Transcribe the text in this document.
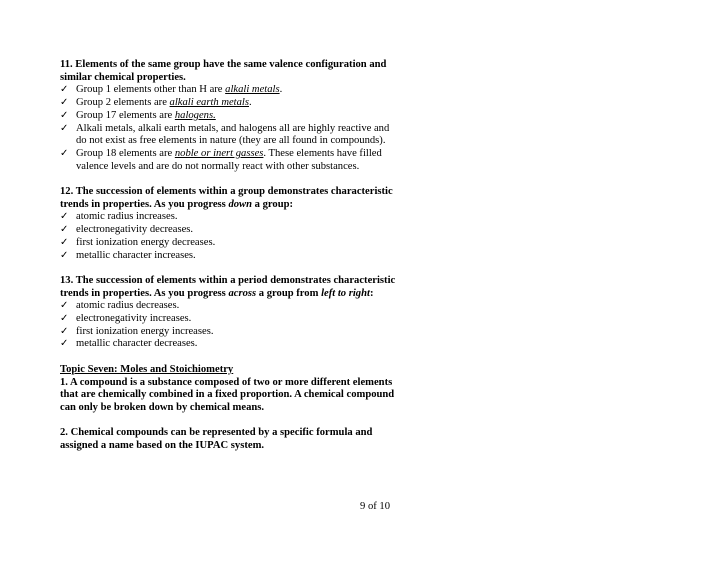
11. Elements of the same group have the same valence configuration and similar chemical properties.
✓ Group 1 elements other than H are alkali metals.
✓ Group 2 elements are alkali earth metals.
✓ Group 17 elements are halogens.
✓ Alkali metals, alkali earth metals, and halogens all are highly reactive and do not exist as free elements in nature (they are all found in compounds).
✓ Group 18 elements are noble or inert gasses. These elements have filled valence levels and are do not normally react with other substances.
12. The succession of elements within a group demonstrates characteristic trends in properties. As you progress down a group:
✓ atomic radius increases.
✓ electronegativity decreases.
✓ first ionization energy decreases.
✓ metallic character increases.
13. The succession of elements within a period demonstrates characteristic trends in properties. As you progress across a group from left to right:
✓ atomic radius decreases.
✓ electronegativity increases.
✓ first ionization energy increases.
✓ metallic character decreases.
Topic Seven: Moles and Stoichiometry
1. A compound is a substance composed of two or more different elements that are chemically combined in a fixed proportion. A chemical compound can only be broken down by chemical means.
2. Chemical compounds can be represented by a specific formula and assigned a name based on the IUPAC system.
9 of 10
